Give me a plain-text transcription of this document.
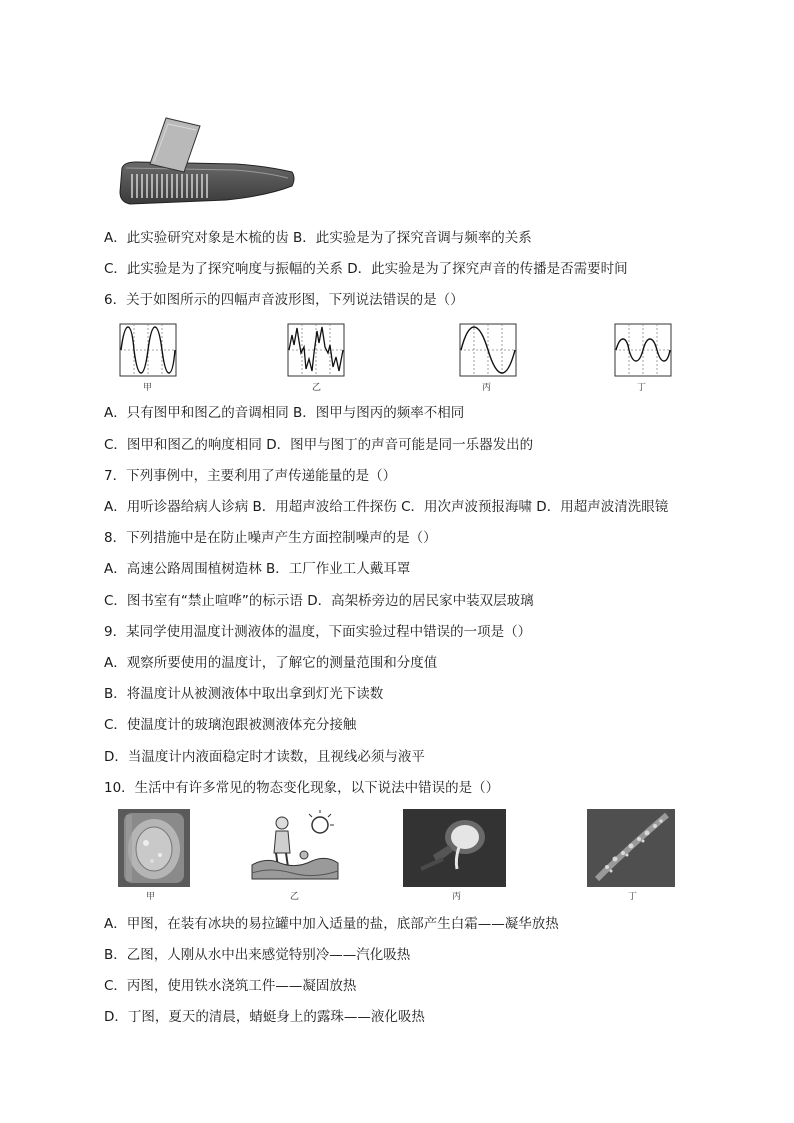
A．此实验研究对象是木梳的齿 B．此实验是为了探究音调与频率的关系
C．此实验是为了探究响度与振幅的关系 D．此实验是为了探究声音的传播是否需要时间
6．关于如图所示的四幅声音波形图，下列说法错误的是（）
甲	乙	丙	丁
A．只有图甲和图乙的音调相同 B．图甲与图丙的频率不相同
C．图甲和图乙的响度相同 D．图甲与图丁的声音可能是同一乐器发出的
7．下列事例中，主要利用了声传递能量的是（）
A．用听诊器给病人诊病 B．用超声波给工件探伤 C．用次声波预报海啸 D．用超声波清洗眼镜
8．下列措施中是在防止噪声产生方面控制噪声的是（）
A．高速公路周围植树造林 B．工厂作业工人戴耳罩
C．图书室有“禁止喧哗”的标示语 D．高架桥旁边的居民家中装双层玻璃
9．某同学使用温度计测液体的温度，下面实验过程中错误的一项是（）
A．观察所要使用的温度计，了解它的测量范围和分度值
B．将温度计从被测液体中取出拿到灯光下读数
C．使温度计的玻璃泡跟被测液体充分接触
D．当温度计内液面稳定时才读数，且视线必须与液平
10．生活中有许多常见的物态变化现象，以下说法中错误的是（）
甲	乙	丙	丁
A．甲图，在装有冰块的易拉罐中加入适量的盐，底部产生白霜——凝华放热
B．乙图，人刚从水中出来感觉特别冷——汽化吸热
C．丙图，使用铁水浇筑工件——凝固放热
D．丁图，夏天的清晨，蜻蜓身上的露珠——液化吸热
